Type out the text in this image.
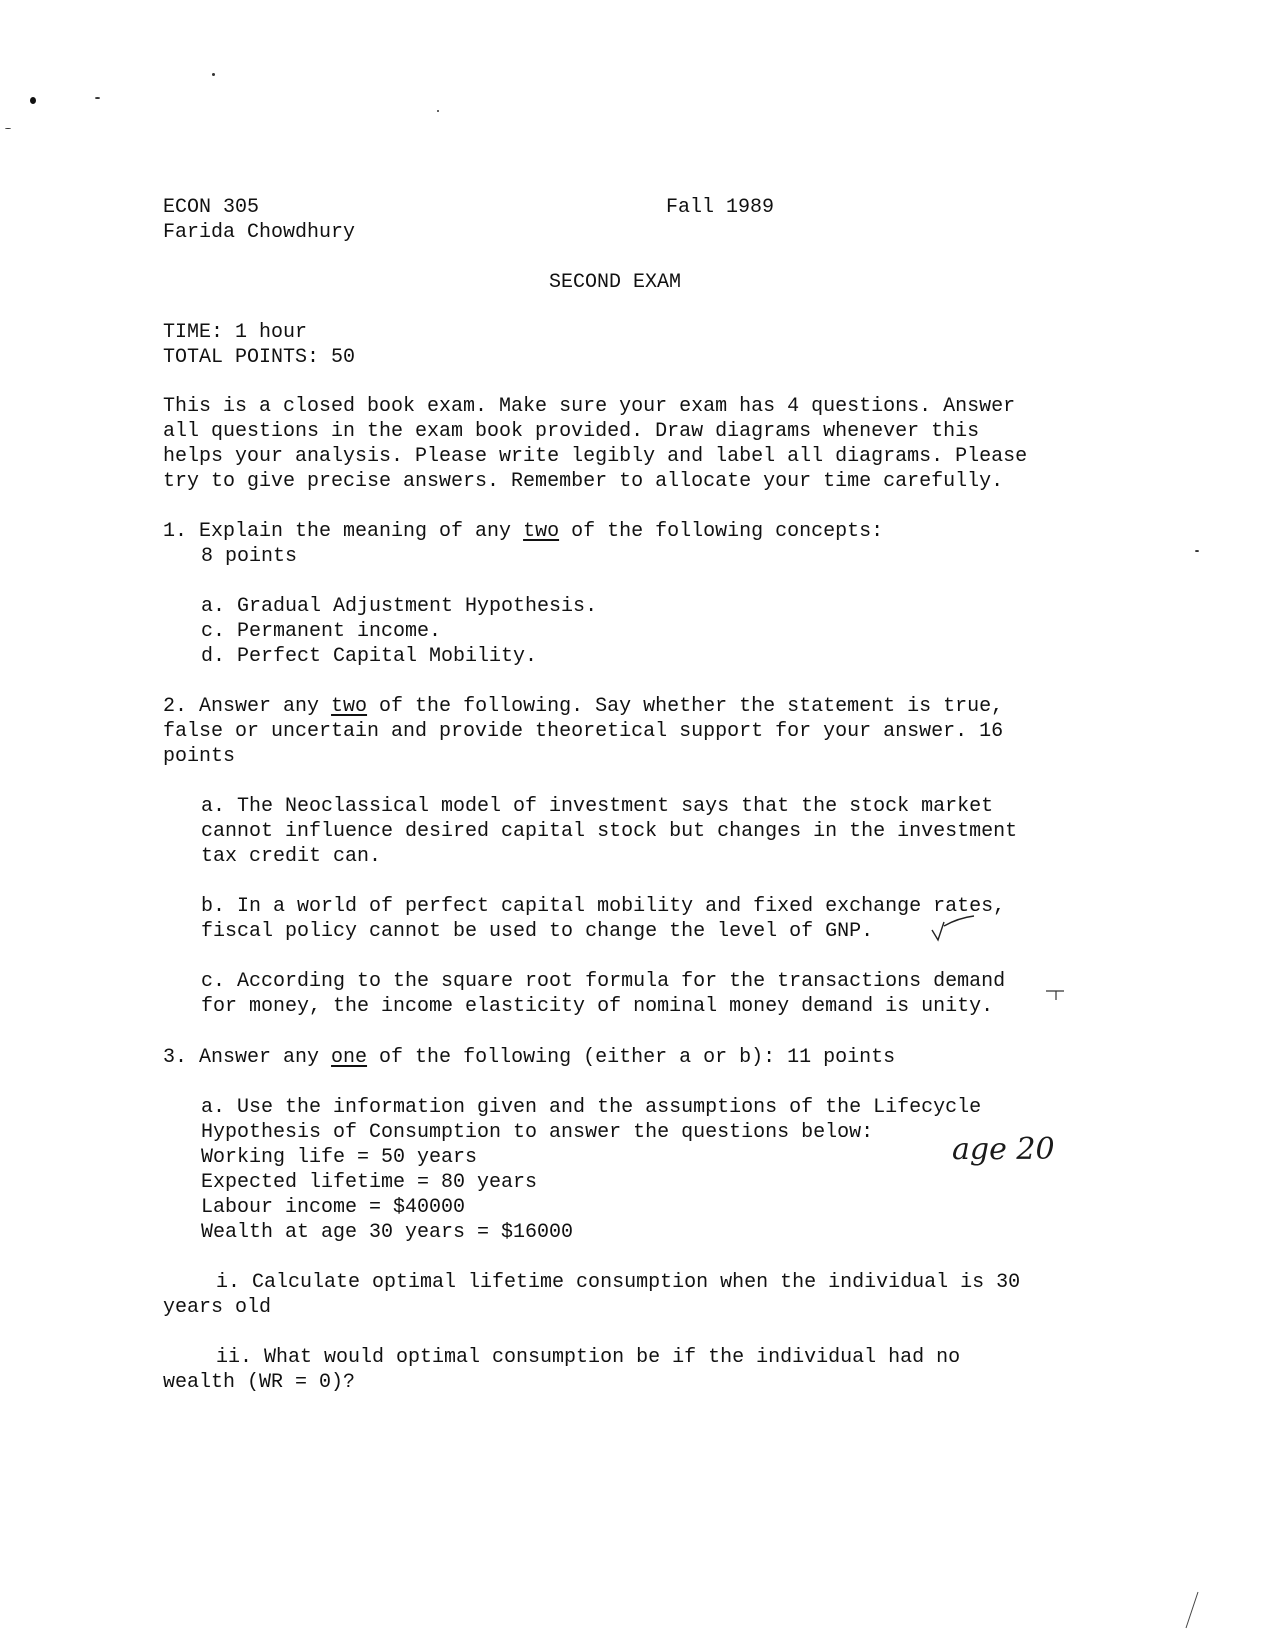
ECON 305
Farida Chowdhury
Fall 1989
SECOND EXAM
TIME: 1 hour
TOTAL POINTS: 50
This is a closed book exam. Make sure your exam has 4 questions. Answer
all questions in the exam book provided. Draw diagrams whenever this
helps your analysis. Please write legibly and label all diagrams. Please
try to give precise answers. Remember to allocate your time carefully.
1. Explain the meaning of any two of the following concepts:
8 points
a. Gradual Adjustment Hypothesis.
c. Permanent income.
d. Perfect Capital Mobility.
2. Answer any two of the following. Say whether the statement is true,
false or uncertain and provide theoretical support for your answer. 16
points
a. The Neoclassical model of investment says that the stock market
cannot influence desired capital stock but changes in the investment
tax credit can.
b. In a world of perfect capital mobility and fixed exchange rates,
fiscal policy cannot be used to change the level of GNP.
c. According to the square root formula for the transactions demand
for money, the income elasticity of nominal money demand is unity.
3. Answer any one of the following (either a or b): 11 points
a. Use the information given and the assumptions of the Lifecycle
Hypothesis of Consumption to answer the questions below:
Working life = 50 years
Expected lifetime = 80 years
Labour income = $40000
Wealth at age 30 years = $16000
age 20
i. Calculate optimal lifetime consumption when the individual is 30
years old
ii. What would optimal consumption be if the individual had no
wealth (WR = 0)?
